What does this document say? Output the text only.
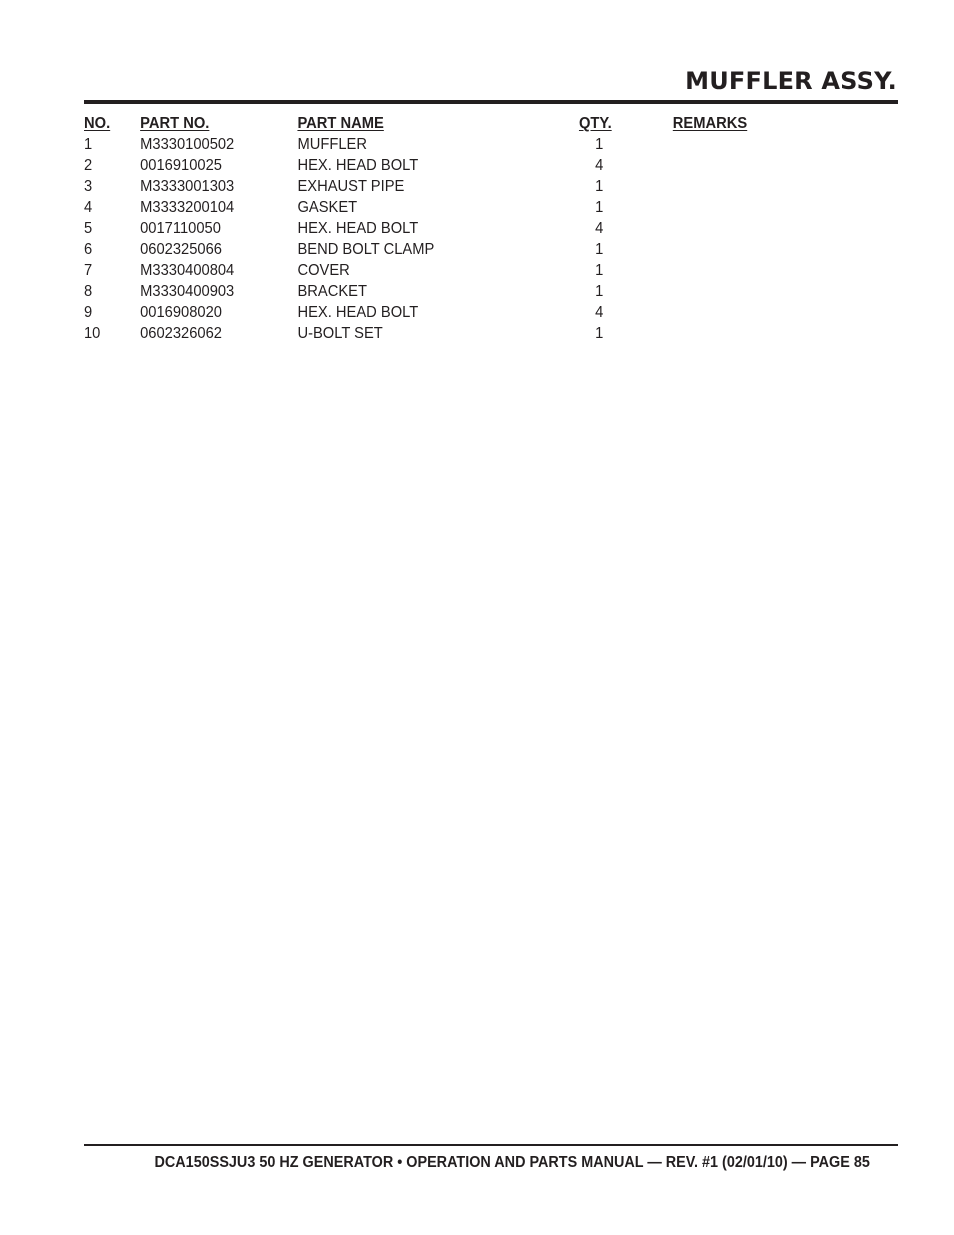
MUFFLER ASSY.
NO. PART NO.	PART NAME	QTY.	REMARKS
1	M3330100502	MUFFLER	1
2	0016910025	HEX. HEAD BOLT	4
3	M3333001303	EXHAUST PIPE	1
4	M3333200104	GASKET	1
5	0017110050	HEX. HEAD BOLT	4
6	0602325066	BEND BOLT CLAMP	1
7	M3330400804	COVER	1
8	M3330400903	BRACKET	1
9	0016908020	HEX. HEAD BOLT	4
10 0602326062	U-BOLT SET	1
DCA150SSJU3 50 HZ GENERATOR • OPERATION AND PARTS MANUAL — REV. #1 (02/01/10) — PAGE 85
